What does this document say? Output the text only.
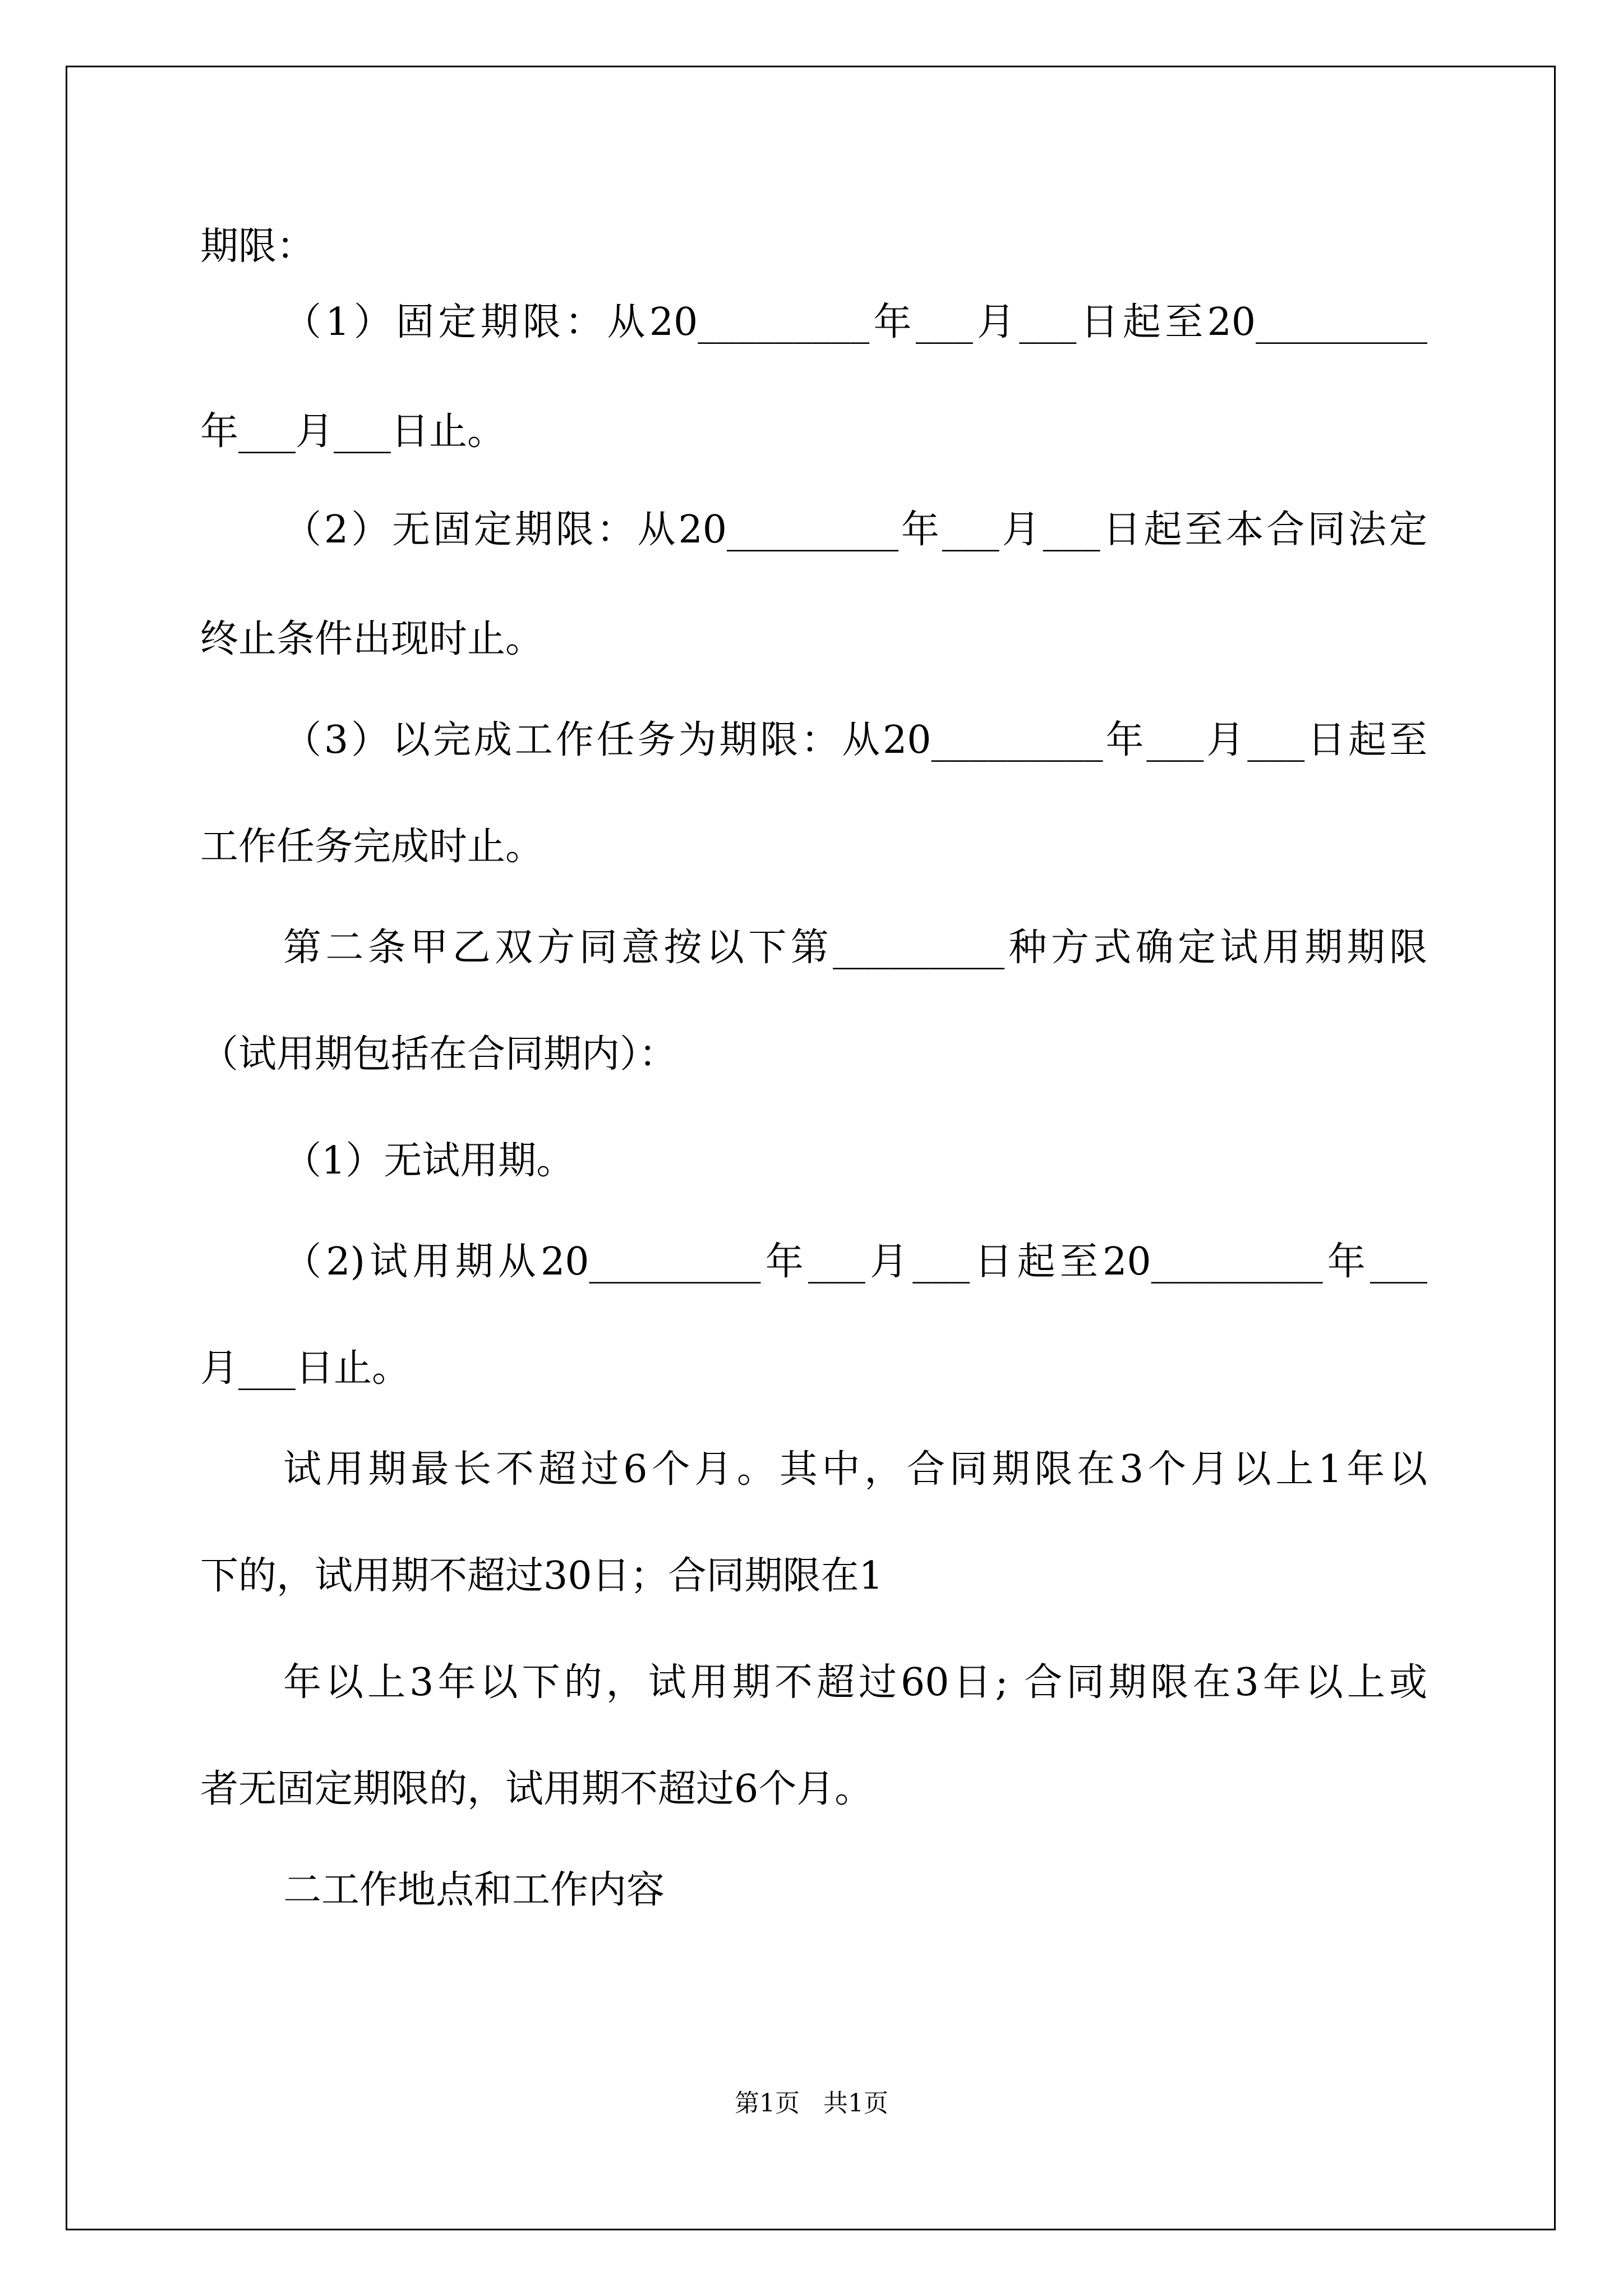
期限：
（1）固定期限：从20_________年___月___日起至20_________
年___月___日止。
（2）无固定期限：从20_________年___月___日起至本合同法定
终止条件出现时止。
（3）以完成工作任务为期限：从20_________年___月___日起至
工作任务完成时止。
第二条甲乙双方同意按以下第_________种方式确定试用期期限
（试用期包括在合同期内）：
（1）无试用期。
（2)试用期从20_________年___月___日起至20_________年___
月___日止。
试用期最长不超过6个月。其中，合同期限在3个月以上1年以
下的，试用期不超过30日；合同期限在1
年以上3年以下的，试用期不超过60日; 合同期限在3年以上或
者无固定期限的，试用期不超过6个月。
二工作地点和工作内容
第1页   共1页
